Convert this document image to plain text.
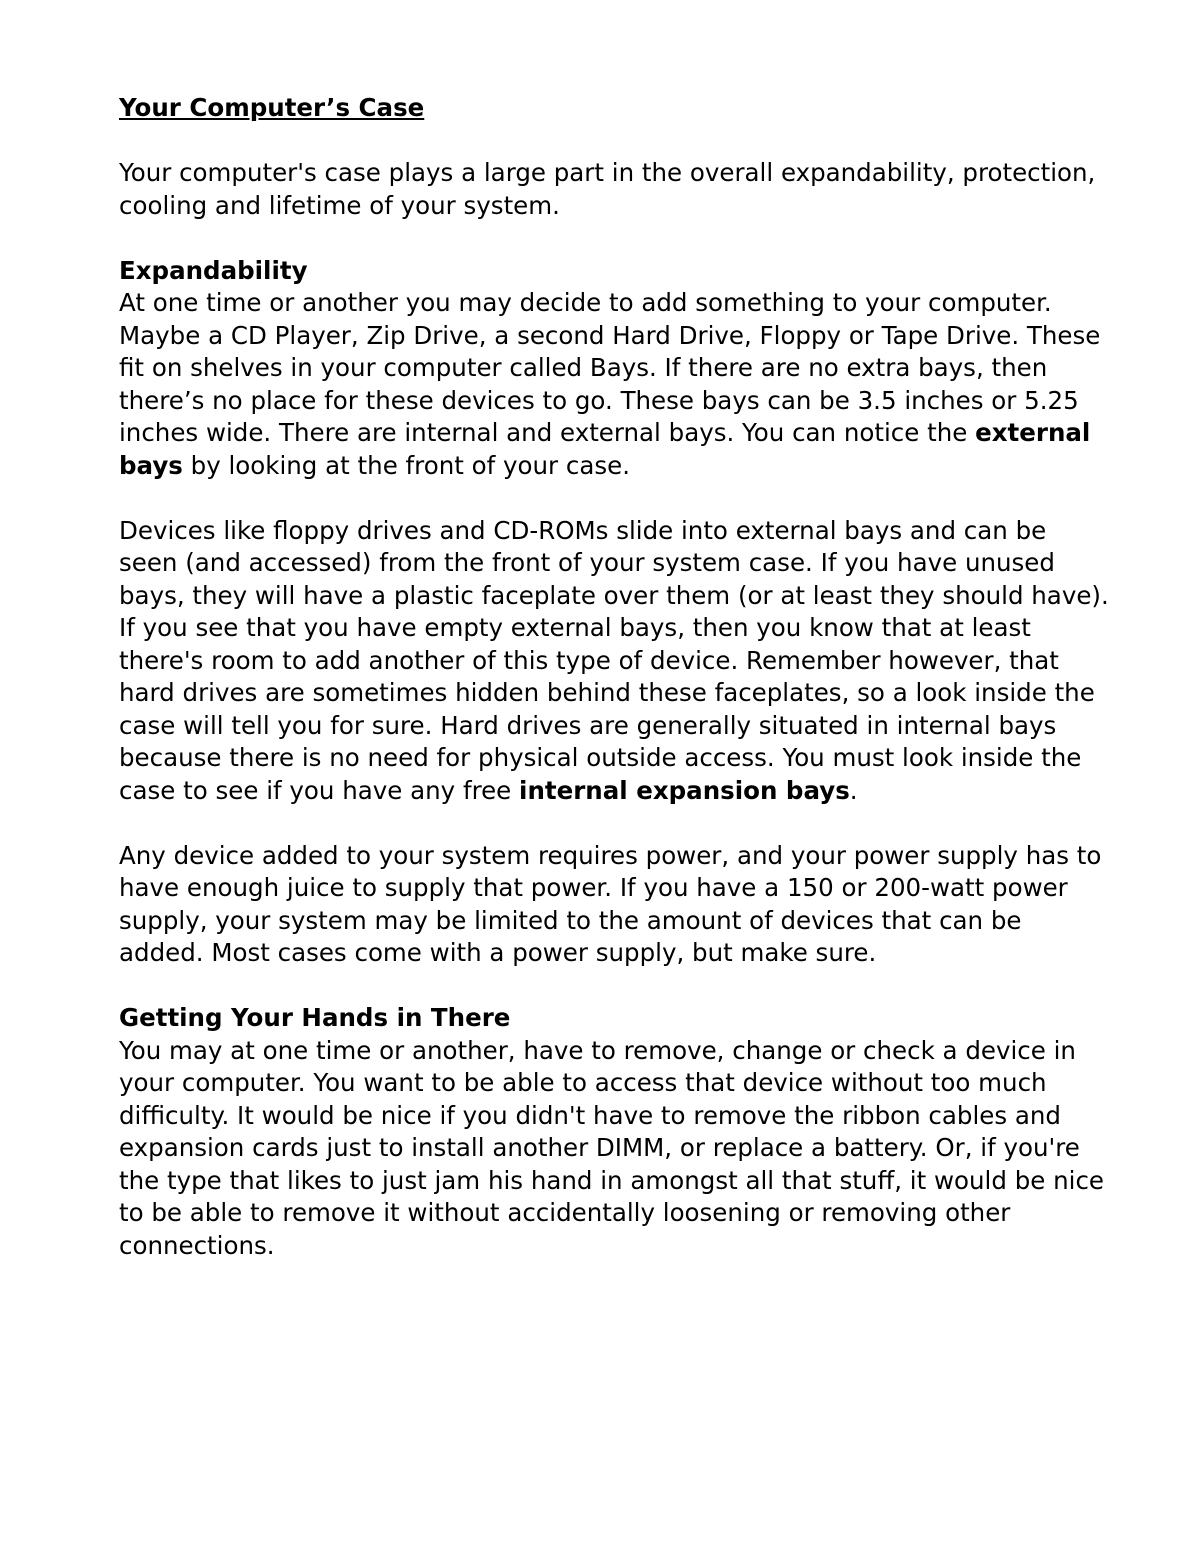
Your Computer’s Case

Your computer's case plays a large part in the overall expandability, protection, cooling and lifetime of your system.

Expandability
At one time or another you may decide to add something to your computer. Maybe a CD Player, Zip Drive, a second Hard Drive, Floppy or Tape Drive. These fit on shelves in your computer called Bays. If there are no extra bays, then there’s no place for these devices to go. These bays can be 3.5 inches or 5.25 inches wide. There are internal and external bays. You can notice the external bays by looking at the front of your case.

Devices like floppy drives and CD-ROMs slide into external bays and can be seen (and accessed) from the front of your system case. If you have unused bays, they will have a plastic faceplate over them (or at least they should have). If you see that you have empty external bays, then you know that at least there's room to add another of this type of device. Remember however, that hard drives are sometimes hidden behind these faceplates, so a look inside the case will tell you for sure. Hard drives are generally situated in internal bays because there is no need for physical outside access. You must look inside the case to see if you have any free internal expansion bays.

Any device added to your system requires power, and your power supply has to have enough juice to supply that power. If you have a 150 or 200-watt power supply, your system may be limited to the amount of devices that can be added. Most cases come with a power supply, but make sure.

Getting Your Hands in There
You may at one time or another, have to remove, change or check a device in your computer. You want to be able to access that device without too much difficulty. It would be nice if you didn't have to remove the ribbon cables and expansion cards just to install another DIMM, or replace a battery. Or, if you're the type that likes to just jam his hand in amongst all that stuff, it would be nice to be able to remove it without accidentally loosening or removing other connections.
